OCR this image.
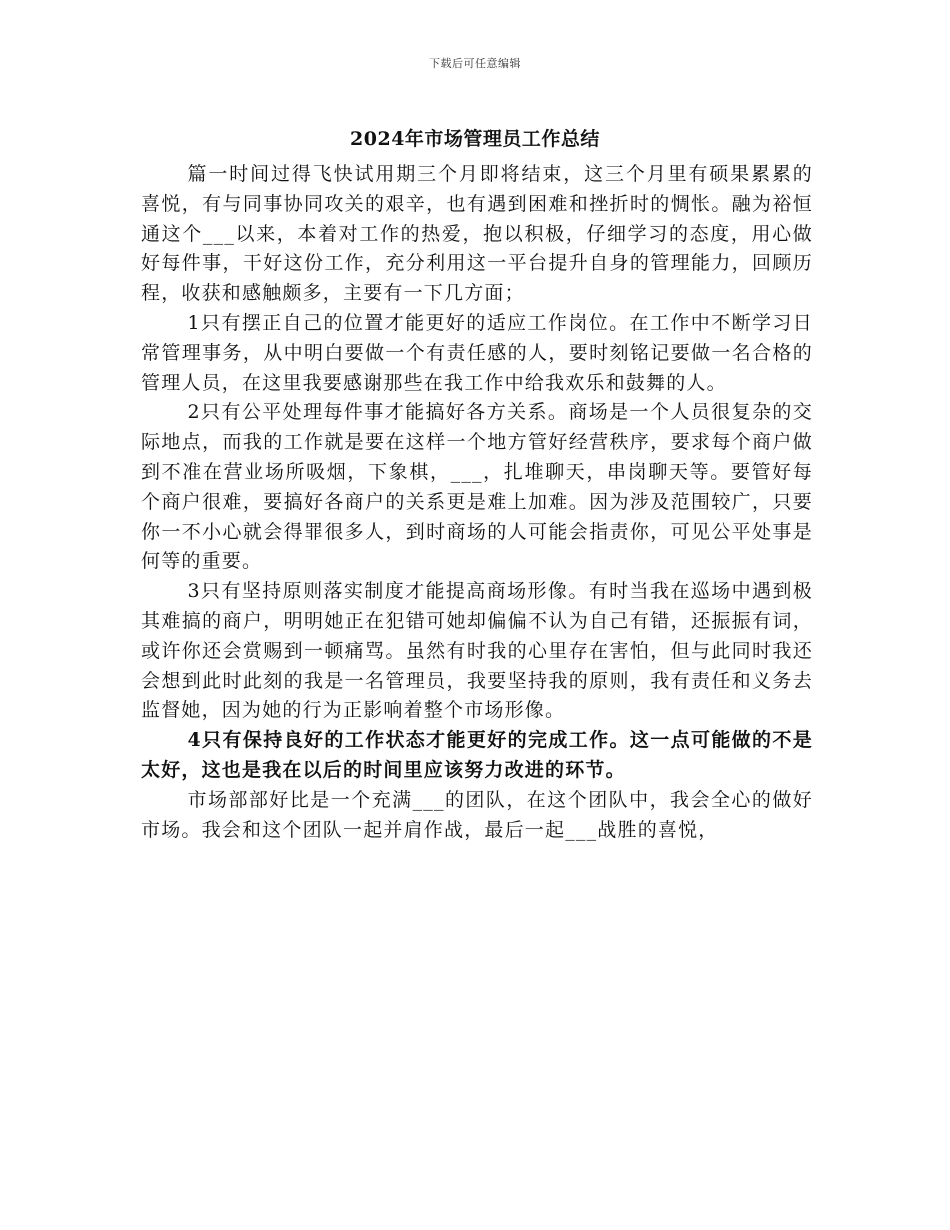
下载后可任意编辑
2024年市场管理员工作总结

篇一时间过得飞快试用期三个月即将结束，这三个月里有硕果累累的喜悦，有与同事协同攻关的艰辛，也有遇到困难和挫折时的惆怅。融为裕恒通这个___以来，本着对工作的热爱，抱以积极，仔细学习的态度，用心做好每件事，干好这份工作，充分利用这一平台提升自身的管理能力，回顾历程，收获和感触颇多，主要有一下几方面；

1只有摆正自己的位置才能更好的适应工作岗位。在工作中不断学习日常管理事务，从中明白要做一个有责任感的人，要时刻铭记要做一名合格的管理人员，在这里我要感谢那些在我工作中给我欢乐和鼓舞的人。

2只有公平处理每件事才能搞好各方关系。商场是一个人员很复杂的交际地点，而我的工作就是要在这样一个地方管好经营秩序，要求每个商户做到不准在营业场所吸烟，下象棋，___，扎堆聊天，串岗聊天等。要管好每个商户很难，要搞好各商户的关系更是难上加难。因为涉及范围较广，只要你一不小心就会得罪很多人，到时商场的人可能会指责你，可见公平处事是何等的重要。

3只有坚持原则落实制度才能提高商场形像。有时当我在巡场中遇到极其难搞的商户，明明她正在犯错可她却偏偏不认为自己有错，还振振有词，或许你还会赏赐到一顿痛骂。虽然有时我的心里存在害怕，但与此同时我还会想到此时此刻的我是一名管理员，我要坚持我的原则，我有责任和义务去监督她，因为她的行为正影响着整个市场形像。

4只有保持良好的工作状态才能更好的完成工作。这一点可能做的不是太好，这也是我在以后的时间里应该努力改进的环节。

市场部部好比是一个充满___的团队，在这个团队中，我会全心的做好市场。我会和这个团队一起并肩作战，最后一起___战胜的喜悦，
